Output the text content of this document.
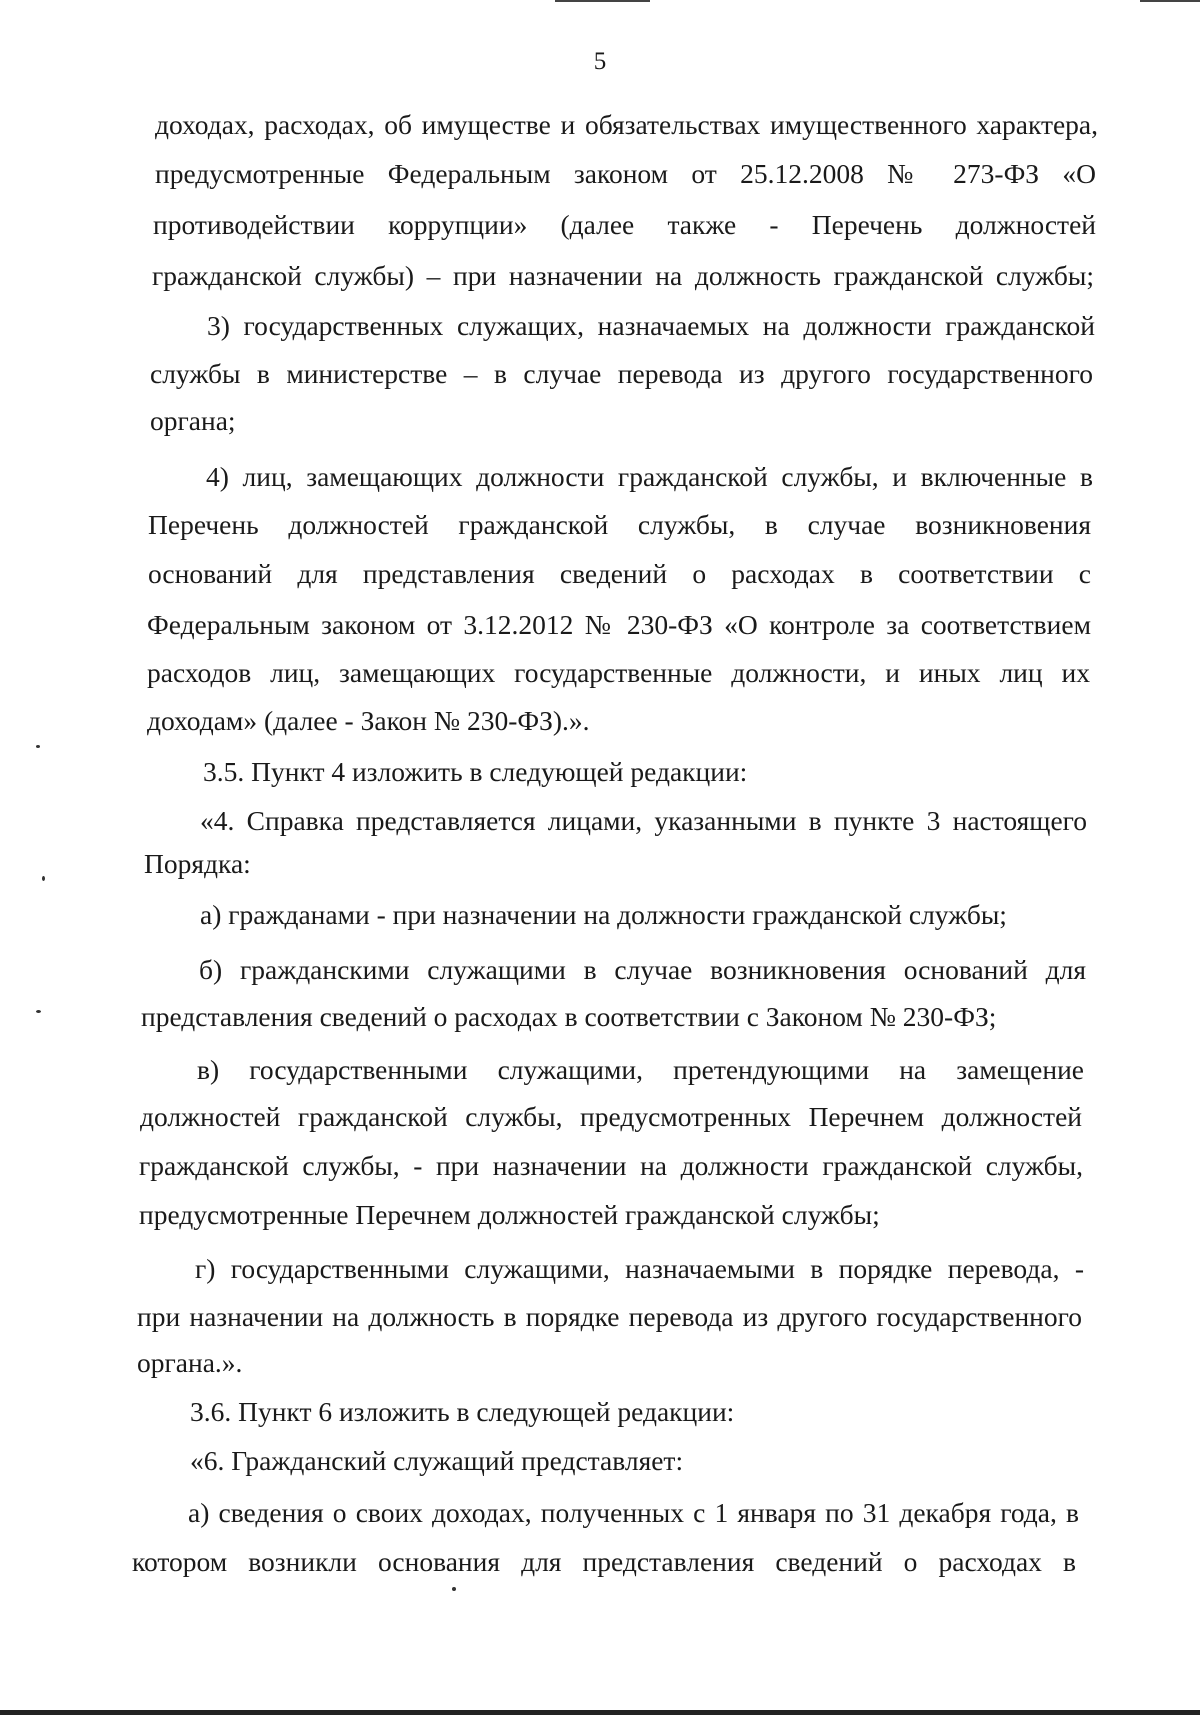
5
доходах, расходах, об имуществе и обязательствах имущественного характера,
предусмотренные Федеральным законом от 25.12.2008 № 273-ФЗ «О
противодействии коррупции» (далее также - Перечень должностей
гражданской службы) – при назначении на должность гражданской службы;
3) государственных служащих, назначаемых на должности гражданской
службы в министерстве – в случае перевода из другого государственного
органа;
4) лиц, замещающих должности гражданской службы, и включенные в
Перечень должностей гражданской службы, в случае возникновения
оснований для представления сведений о расходах в соответствии с
Федеральным законом от 3.12.2012 № 230-ФЗ «О контроле за соответствием
расходов лиц, замещающих государственные должности, и иных лиц их
доходам» (далее - Закон № 230-ФЗ).».
3.5. Пункт 4 изложить в следующей редакции:
«4. Справка представляется лицами, указанными в пункте 3 настоящего
Порядка:
а) гражданами - при назначении на должности гражданской службы;
б) гражданскими служащими в случае возникновения оснований для
представления сведений о расходах в соответствии с Законом № 230-ФЗ;
в) государственными служащими, претендующими на замещение
должностей гражданской службы, предусмотренных Перечнем должностей
гражданской службы, - при назначении на должности гражданской службы,
предусмотренные Перечнем должностей гражданской службы;
г) государственными служащими, назначаемыми в порядке перевода, -
при назначении на должность в порядке перевода из другого государственного
органа.».
3.6. Пункт 6 изложить в следующей редакции:
«6. Гражданский служащий представляет:
а) сведения о своих доходах, полученных с 1 января по 31 декабря года, в
котором возникли основания для представления сведений о расходах в
